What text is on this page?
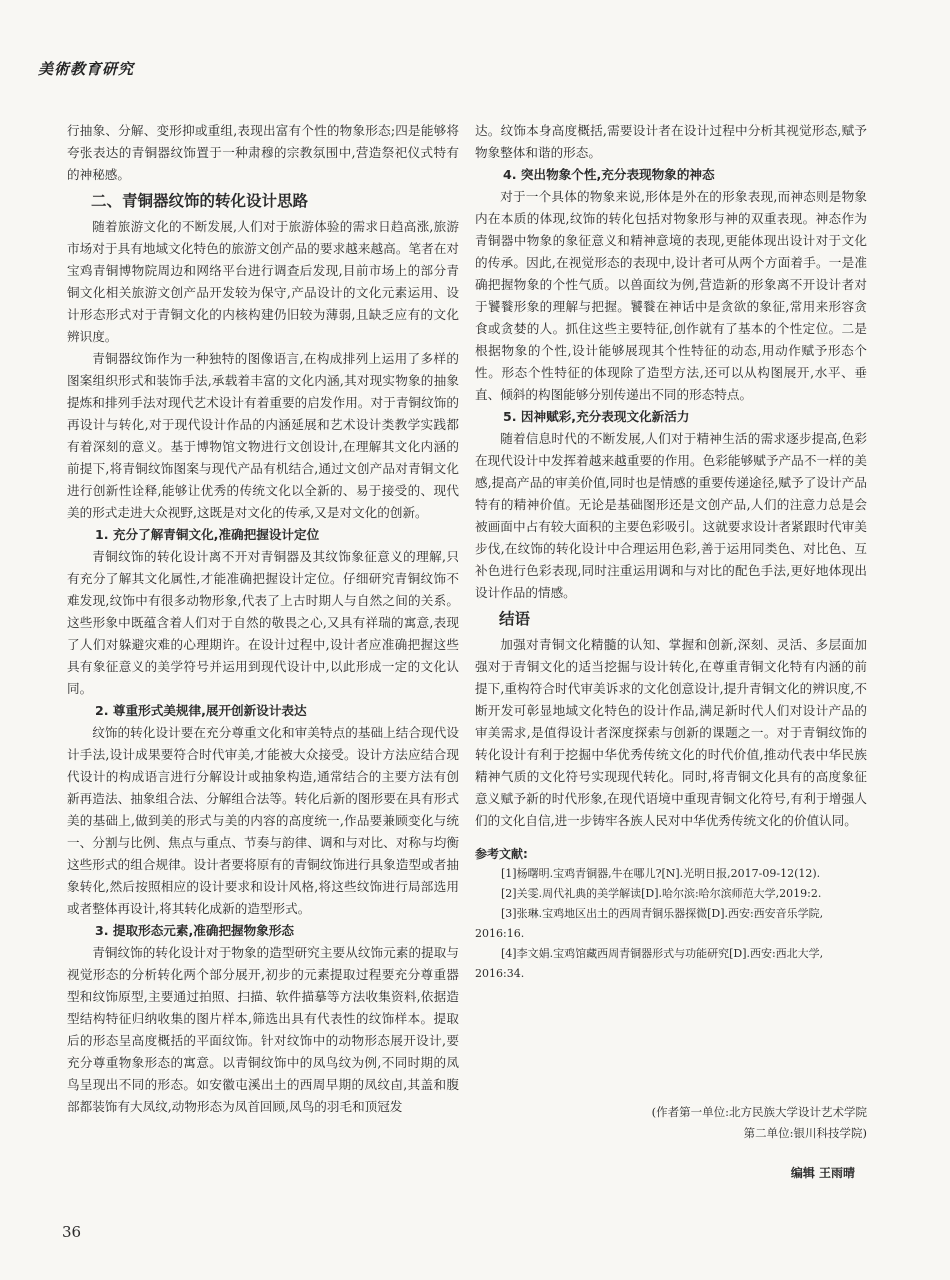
美術教育研究

行抽象、分解、变形抑或重组,表现出富有个性的物象形态;四是能够将夸张表达的青铜器纹饰置于一种肃穆的宗教氛围中,营造祭祀仪式特有的神秘感。

二、青铜器纹饰的转化设计思路

随着旅游文化的不断发展,人们对于旅游体验的需求日趋高涨,旅游市场对于具有地域文化特色的旅游文创产品的要求越来越高。笔者在对宝鸡青铜博物院周边和网络平台进行调查后发现,目前市场上的部分青铜文化相关旅游文创产品开发较为保守,产品设计的文化元素运用、设计形态形式对于青铜文化的内核构建仍旧较为薄弱,且缺乏应有的文化辨识度。

青铜器纹饰作为一种独特的图像语言,在构成排列上运用了多样的图案组织形式和装饰手法,承载着丰富的文化内涵,其对现实物象的抽象提炼和排列手法对现代艺术设计有着重要的启发作用。对于青铜纹饰的再设计与转化,对于现代设计作品的内涵延展和艺术设计类教学实践都有着深刻的意义。基于博物馆文物进行文创设计,在理解其文化内涵的前提下,将青铜纹饰图案与现代产品有机结合,通过文创产品对青铜文化进行创新性诠释,能够让优秀的传统文化以全新的、易于接受的、现代美的形式走进大众视野,这既是对文化的传承,又是对文化的创新。

1. 充分了解青铜文化,准确把握设计定位

青铜纹饰的转化设计离不开对青铜器及其纹饰象征意义的理解,只有充分了解其文化属性,才能准确把握设计定位。仔细研究青铜纹饰不难发现,纹饰中有很多动物形象,代表了上古时期人与自然之间的关系。这些形象中既蕴含着人们对于自然的敬畏之心,又具有祥瑞的寓意,表现了人们对躲避灾难的心理期许。在设计过程中,设计者应准确把握这些具有象征意义的美学符号并运用到现代设计中,以此形成一定的文化认同。

2. 尊重形式美规律,展开创新设计表达

纹饰的转化设计要在充分尊重文化和审美特点的基础上结合现代设计手法,设计成果要符合时代审美,才能被大众接受。设计方法应结合现代设计的构成语言进行分解设计或抽象构造,通常结合的主要方法有创新再造法、抽象组合法、分解组合法等。转化后新的图形要在具有形式美的基础上,做到美的形式与美的内容的高度统一,作品要兼顾变化与统一、分割与比例、焦点与重点、节奏与韵律、调和与对比、对称与均衡这些形式的组合规律。设计者要将原有的青铜纹饰进行具象造型或者抽象转化,然后按照相应的设计要求和设计风格,将这些纹饰进行局部选用或者整体再设计,将其转化成新的造型形式。

3. 提取形态元素,准确把握物象形态

青铜纹饰的转化设计对于物象的造型研究主要从纹饰元素的提取与视觉形态的分析转化两个部分展开,初步的元素提取过程要充分尊重器型和纹饰原型,主要通过拍照、扫描、软件描摹等方法收集资料,依据造型结构特征归纳收集的图片样本,筛选出具有代表性的纹饰样本。提取后的形态呈高度概括的平面纹饰。针对纹饰中的动物形态展开设计,要充分尊重物象形态的寓意。以青铜纹饰中的凤鸟纹为例,不同时期的凤鸟呈现出不同的形态。如安徽屯溪出土的西周早期的凤纹卣,其盖和腹部都装饰有大凤纹,动物形态为凤首回顾,凤鸟的羽毛和顶冠发

达。纹饰本身高度概括,需要设计者在设计过程中分析其视觉形态,赋予物象整体和谐的形态。

4. 突出物象个性,充分表现物象的神态

对于一个具体的物象来说,形体是外在的形象表现,而神态则是物象内在本质的体现,纹饰的转化包括对物象形与神的双重表现。神态作为青铜器中物象的象征意义和精神意境的表现,更能体现出设计对于文化的传承。因此,在视觉形态的表现中,设计者可从两个方面着手。一是准确把握物象的个性气质。以兽面纹为例,营造新的形象离不开设计者对于饕餮形象的理解与把握。饕餮在神话中是贪欲的象征,常用来形容贪食或贪婪的人。抓住这些主要特征,创作就有了基本的个性定位。二是根据物象的个性,设计能够展现其个性特征的动态,用动作赋予形态个性。形态个性特征的体现除了造型方法,还可以从构图展开,水平、垂直、倾斜的构图能够分别传递出不同的形态特点。

5. 因神赋彩,充分表现文化新活力

随着信息时代的不断发展,人们对于精神生活的需求逐步提高,色彩在现代设计中发挥着越来越重要的作用。色彩能够赋予产品不一样的美感,提高产品的审美价值,同时也是情感的重要传递途径,赋予了设计产品特有的精神价值。无论是基础图形还是文创产品,人们的注意力总是会被画面中占有较大面积的主要色彩吸引。这就要求设计者紧跟时代审美步伐,在纹饰的转化设计中合理运用色彩,善于运用同类色、对比色、互补色进行色彩表现,同时注重运用调和与对比的配色手法,更好地体现出设计作品的情感。

结语

加强对青铜文化精髓的认知、掌握和创新,深刻、灵活、多层面加强对于青铜文化的适当挖掘与设计转化,在尊重青铜文化特有内涵的前提下,重构符合时代审美诉求的文化创意设计,提升青铜文化的辨识度,不断开发可彰显地域文化特色的设计作品,满足新时代人们对设计产品的审美需求,是值得设计者深度探索与创新的课题之一。对于青铜纹饰的转化设计有利于挖掘中华优秀传统文化的时代价值,推动代表中华民族精神气质的文化符号实现现代转化。同时,将青铜文化具有的高度象征意义赋予新的时代形象,在现代语境中重现青铜文化符号,有利于增强人们的文化自信,进一步铸牢各族人民对中华优秀传统文化的价值认同。

参考文献:
[1]杨曙明.宝鸡青铜器,牛在哪儿?[N].光明日报,2017-09-12(12).
[2]关雯.周代礼典的美学解读[D].哈尔滨:哈尔滨师范大学,2019:2.
[3]张琳.宝鸡地区出土的西周青铜乐器探微[D].西安:西安音乐学院,
2016:16.
[4]李文娟.宝鸡馆藏西周青铜器形式与功能研究[D].西安:西北大学,
2016:34.
(作者第一单位:北方民族大学设计艺术学院
第二单位:银川科技学院)
编辑 王雨晴
36
